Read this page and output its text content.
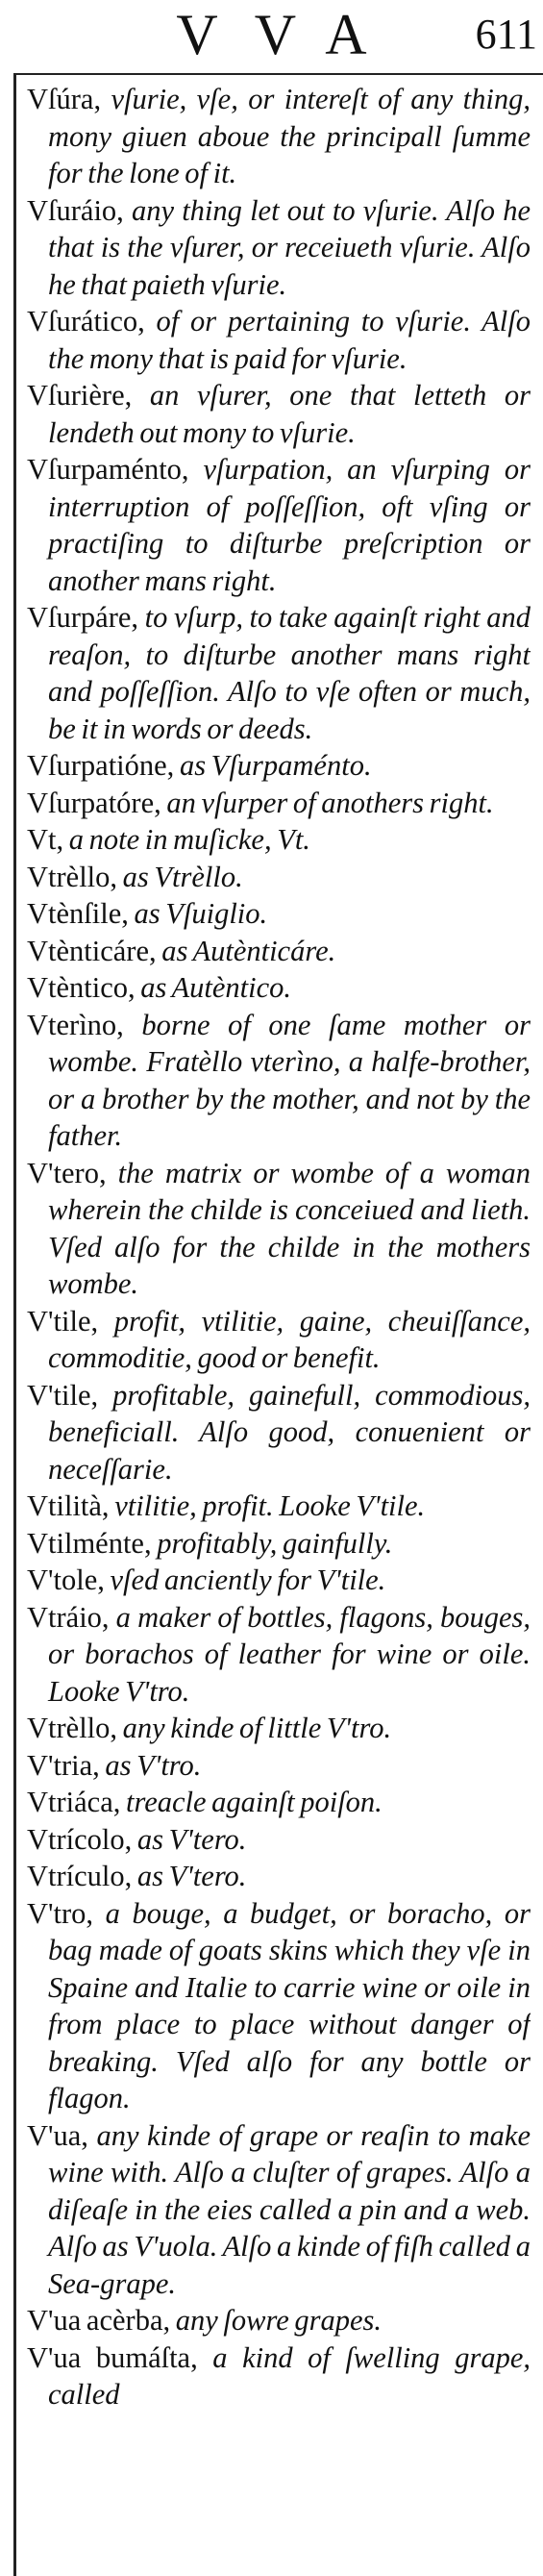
VVA	611
Vſúra, vſurie, vſe, or intereſt of any thing, mony giuen aboue the principall ſumme for the lone of it.
Vſuráio, any thing let out to vſurie. Alſo he that is the vſurer, or receiueth vſurie. Alſo he that paieth vſurie.
Vſurático, of or pertaining to vſurie. Alſo the mony that is paid for vſurie.
Vſurière, an vſurer, one that letteth or lendeth out mony to vſurie.
Vſurpaménto, vſurpation, an vſurping or interruption of poſſeſſion, oft vſing or practiſing to diſturbe preſcription or another mans right.
Vſurpáre, to vſurp, to take againſt right and reaſon, to diſturbe another mans right and poſſeſſion. Alſo to vſe often or much, be it in words or deeds.
Vſurpatióne, as Vſurpaménto.
Vſurpatóre, an vſurper of anothers right.
Vt, a note in muſicke, Vt.
Vtrèllo, as Vtrèllo.
Vtènſile, as Vſuiglio.
Vtènticáre, as Autènticáre.
Vtèntico, as Autèntico.
Vterìno, borne of one ſame mother or wombe. Fratèllo vterìno, a halfe-brother, or a brother by the mother, and not by the father.
V'tero, the matrix or wombe of a woman wherein the childe is conceiued and lieth. Vſed alſo for the childe in the mothers wombe.
V'tile, profit, vtilitie, gaine, cheuiſſance, commoditie, good or benefit.
V'tile, profitable, gainefull, commodious, beneficiall. Alſo good, conuenient or neceſſarie.
Vtilità, vtilitie, profit. Looke V'tile.
Vtilménte, profitably, gainfully.
V'tole, vſed anciently for V'tile.
Vtráio, a maker of bottles, flagons, bouges, or borachos of leather for wine or oile. Looke V'tro.
Vtrèllo, any kinde of little V'tro.
V'tria, as V'tro.
Vtriáca, treacle againſt poiſon.
Vtrícolo, as V'tero.
Vtrículo, as V'tero.
V'tro, a bouge, a budget, or boracho, or bag made of goats skins which they vſe in Spaine and Italie to carrie wine or oile in from place to place without danger of breaking. Vſed alſo for any bottle or flagon.
V'ua, any kinde of grape or reaſin to make wine with. Alſo a cluſter of grapes. Alſo a diſeaſe in the eies called a pin and a web. Alſo as V'uola. Alſo a kinde of fiſh called a Sea-grape.
V'ua acèrba, any ſowre grapes.
V'ua bumáſta, a kind of ſwelling grape, called
